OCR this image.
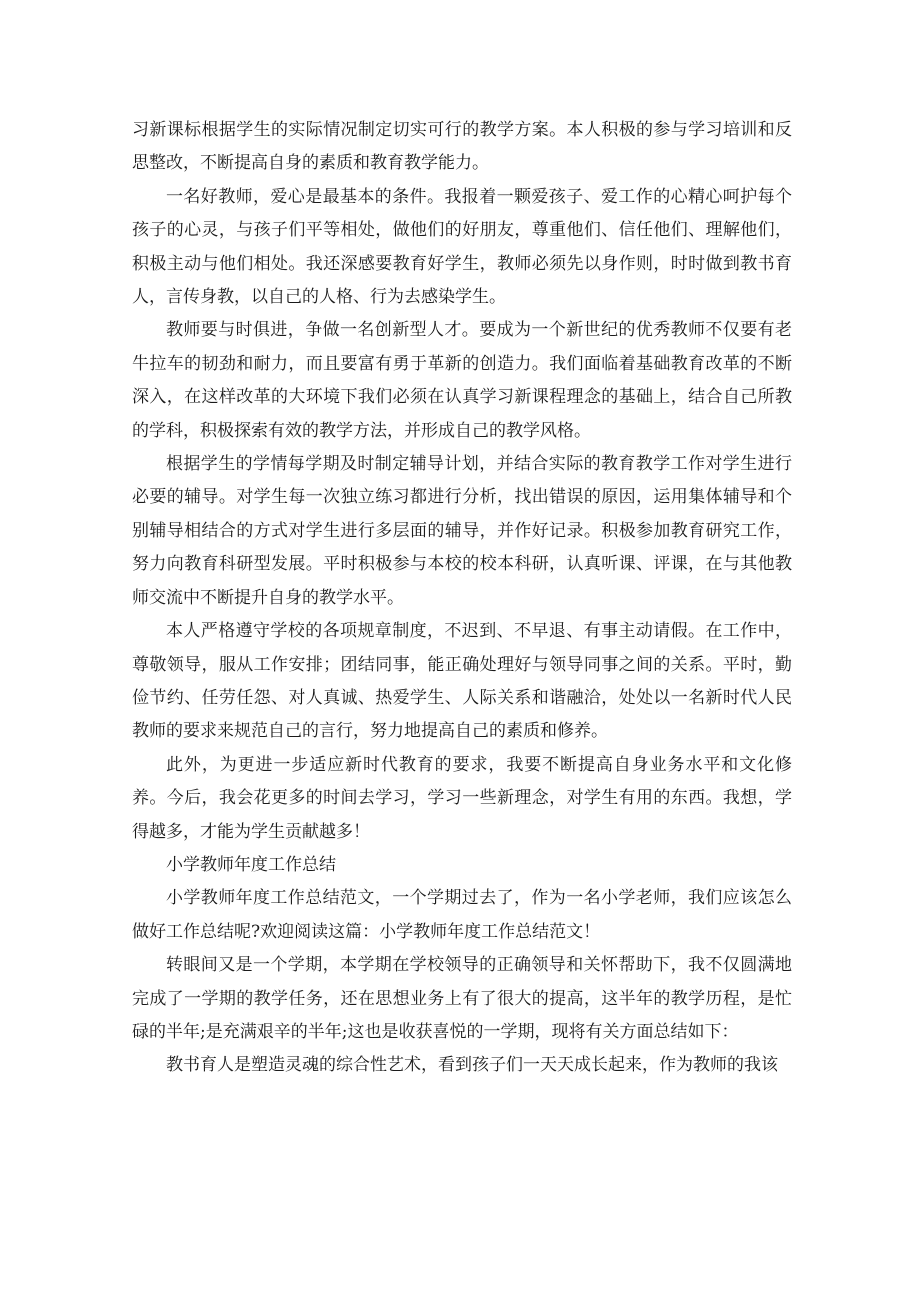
习新课标根据学生的实际情况制定切实可行的教学方案。本人积极的参与学习培训和反思整改，不断提高自身的素质和教育教学能力。

一名好教师，爱心是最基本的条件。我报着一颗爱孩子、爱工作的心精心呵护每个孩子的心灵，与孩子们平等相处，做他们的好朋友，尊重他们、信任他们、理解他们，积极主动与他们相处。我还深感要教育好学生，教师必须先以身作则，时时做到教书育人，言传身教，以自己的人格、行为去感染学生。

教师要与时俱进，争做一名创新型人才。要成为一个新世纪的优秀教师不仅要有老牛拉车的韧劲和耐力，而且要富有勇于革新的创造力。我们面临着基础教育改革的不断深入，在这样改革的大环境下我们必须在认真学习新课程理念的基础上，结合自己所教的学科，积极探索有效的教学方法，并形成自己的教学风格。

根据学生的学情每学期及时制定辅导计划，并结合实际的教育教学工作对学生进行必要的辅导。对学生每一次独立练习都进行分析，找出错误的原因，运用集体辅导和个别辅导相结合的方式对学生进行多层面的辅导，并作好记录。积极参加教育研究工作，努力向教育科研型发展。平时积极参与本校的校本科研，认真听课、评课，在与其他教师交流中不断提升自身的教学水平。

本人严格遵守学校的各项规章制度，不迟到、不早退、有事主动请假。在工作中，尊敬领导，服从工作安排；团结同事，能正确处理好与领导同事之间的关系。平时，勤俭节约、任劳任怨、对人真诚、热爱学生、人际关系和谐融洽，处处以一名新时代人民教师的要求来规范自己的言行，努力地提高自己的素质和修养。

此外，为更进一步适应新时代教育的要求，我要不断提高自身业务水平和文化修养。今后，我会花更多的时间去学习，学习一些新理念，对学生有用的东西。我想，学得越多，才能为学生贡献越多！

小学教师年度工作总结

小学教师年度工作总结范文，一个学期过去了，作为一名小学老师，我们应该怎么做好工作总结呢?欢迎阅读这篇：小学教师年度工作总结范文！

转眼间又是一个学期，本学期在学校领导的正确领导和关怀帮助下，我不仅圆满地完成了一学期的教学任务，还在思想业务上有了很大的提高，这半年的教学历程，是忙碌的半年;是充满艰辛的半年;这也是收获喜悦的一学期，现将有关方面总结如下：

教书育人是塑造灵魂的综合性艺术，看到孩子们一天天成长起来，作为教师的我该
